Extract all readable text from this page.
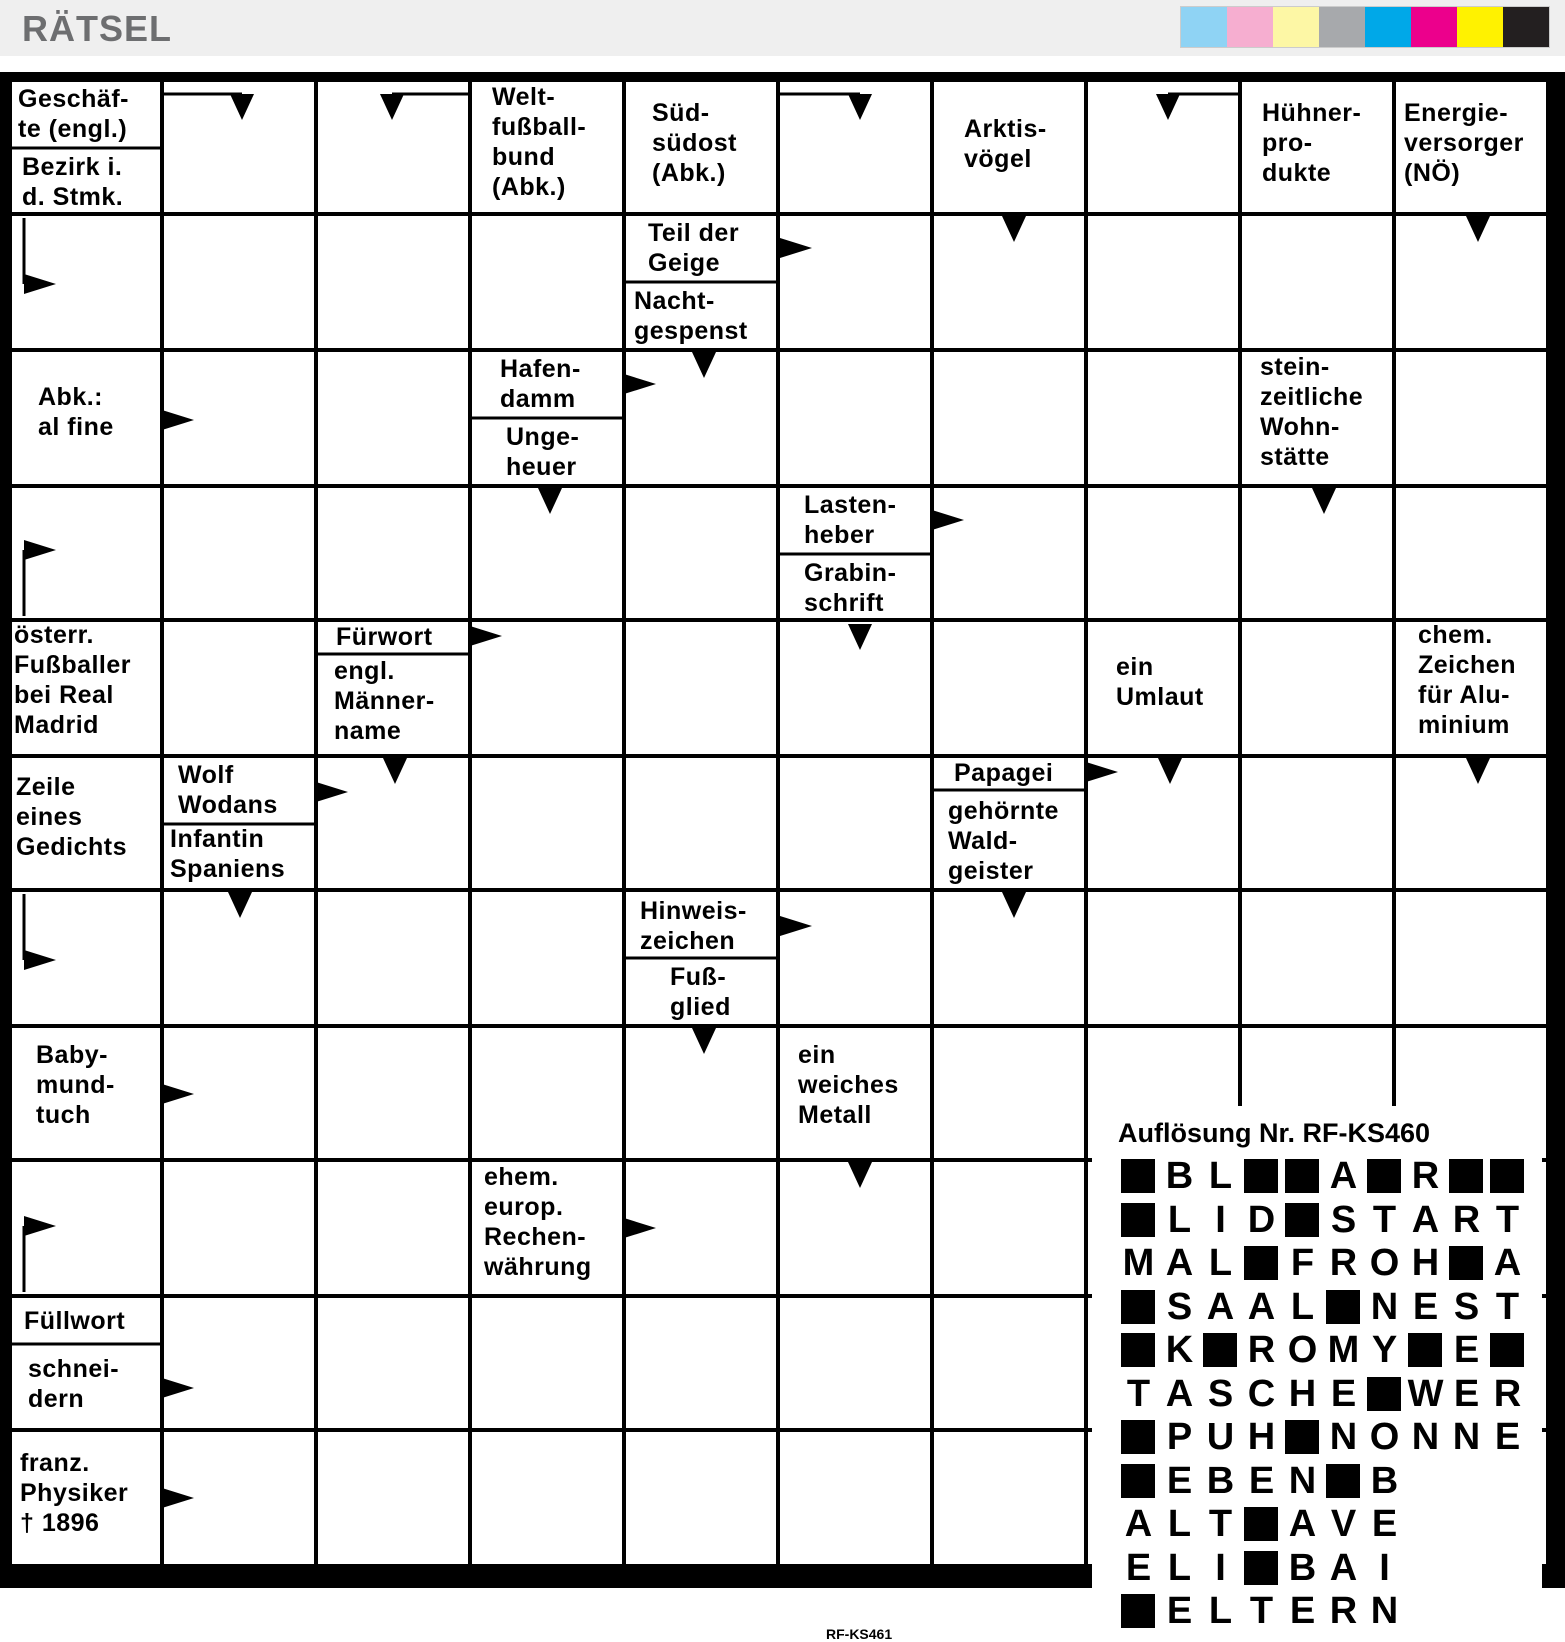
RÄTSEL
Geschäf-
te (engl.)
Bezirk i.
d. Stmk.
Welt-
fußball-
bund
(Abk.)
Süd-
südost
(Abk.)
Arktis-
vögel
Hühner-
pro-
dukte
Energie-
versorger
(NÖ)
Teil der
Geige
Nacht-
gespenst
Abk.:
al fine
Hafen-
damm
Unge-
heuer
stein-
zeitliche
Wohn-
stätte
Lasten-
heber
Grabin-
schrift
österr.
Fußballer
bei Real
Madrid
Fürwort
engl.
Männer-
name
ein
Umlaut
chem.
Zeichen
für Alu-
minium
Zeile
eines
Gedichts
Wolf
Wodans
Infantin
Spaniens
Papagei
gehörnte
Wald-
geister
Hinweis-
zeichen
Fuß-
glied
Baby-
mund-
tuch
ein
weiches
Metall
ehem.
europ.
Rechen-
währung
Füllwort
schnei-
dern
franz.
Physiker
† 1896
Auflösung Nr. RF-KS460
B L	A R
L I D S T A R T
M A L F R O H A
S A A L N E S T
K R O M Y E
T A S C H E W E R
P U H N O N N E
E B E N B
A L T A V E
E L I	B A I
E L T E R N
RF-KS461
